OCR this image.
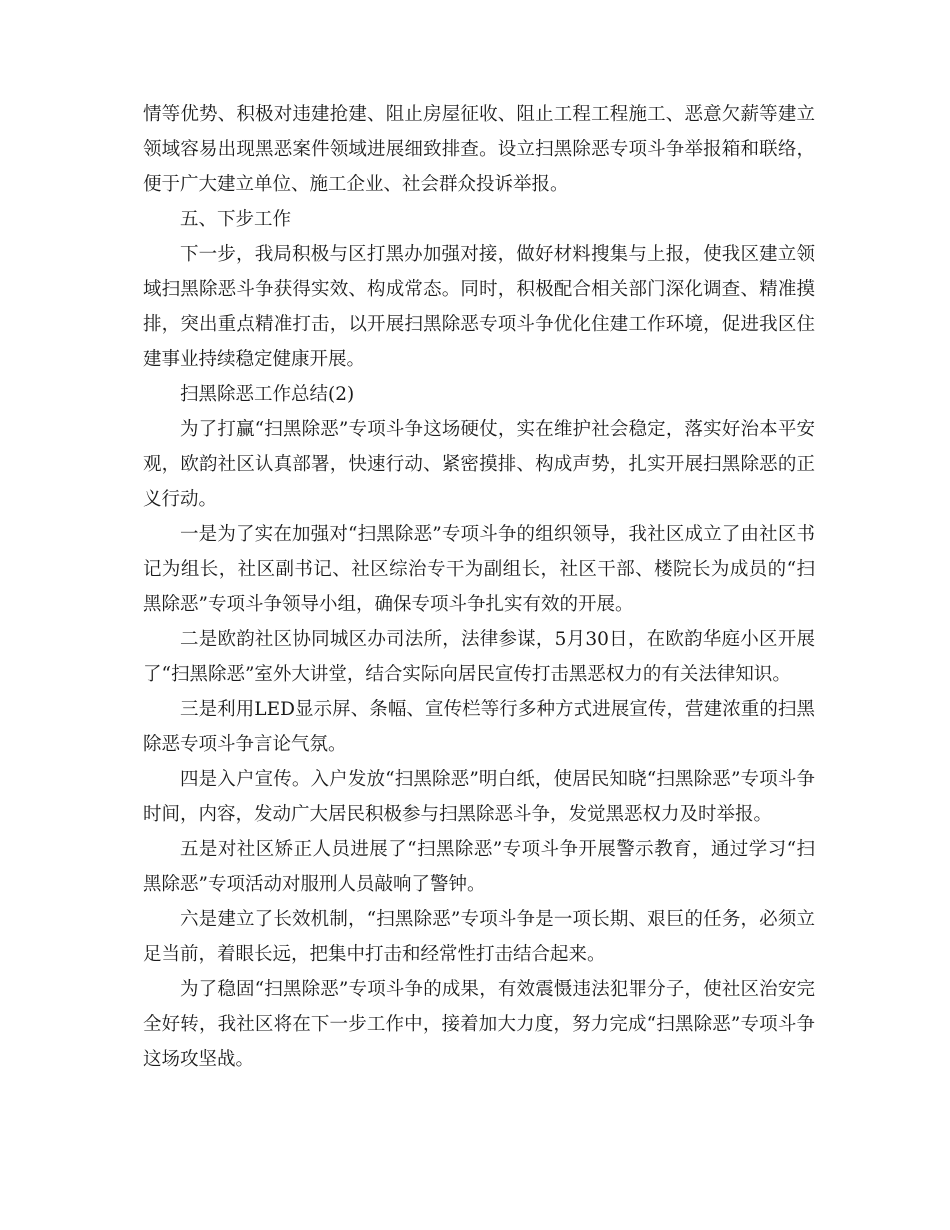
情等优势、积极对违建抢建、阻止房屋征收、阻止工程工程施工、恶意欠薪等建立领域容易出现黑恶案件领域进展细致排查。设立扫黑除恶专项斗争举报箱和联络，便于广大建立单位、施工企业、社会群众投诉举报。

五、下步工作

下一步，我局积极与区打黑办加强对接，做好材料搜集与上报，使我区建立领域扫黑除恶斗争获得实效、构成常态。同时，积极配合相关部门深化调查、精准摸排，突出重点精准打击，以开展扫黑除恶专项斗争优化住建工作环境，促进我区住建事业持续稳定健康开展。

扫黑除恶工作总结(2)

为了打赢“扫黑除恶”专项斗争这场硬仗，实在维护社会稳定，落实好治本平安观，欧韵社区认真部署，快速行动、紧密摸排、构成声势，扎实开展扫黑除恶的正义行动。

一是为了实在加强对“扫黑除恶”专项斗争的组织领导，我社区成立了由社区书记为组长，社区副书记、社区综治专干为副组长，社区干部、楼院长为成员的“扫黑除恶”专项斗争领导小组，确保专项斗争扎实有效的开展。

二是欧韵社区协同城区办司法所，法律参谋，5月30日，在欧韵华庭小区开展了“扫黑除恶”室外大讲堂，结合实际向居民宣传打击黑恶权力的有关法律知识。

三是利用LED显示屏、条幅、宣传栏等行多种方式进展宣传，营建浓重的扫黑除恶专项斗争言论气氛。

四是入户宣传。入户发放“扫黑除恶”明白纸，使居民知晓“扫黑除恶”专项斗争时间，内容，发动广大居民积极参与扫黑除恶斗争，发觉黑恶权力及时举报。

五是对社区矫正人员进展了“扫黑除恶”专项斗争开展警示教育，通过学习“扫黑除恶”专项活动对服刑人员敲响了警钟。

六是建立了长效机制，“扫黑除恶”专项斗争是一项长期、艰巨的任务，必须立足当前，着眼长远，把集中打击和经常性打击结合起来。

为了稳固“扫黑除恶”专项斗争的成果，有效震慑违法犯罪分子，使社区治安完全好转，我社区将在下一步工作中，接着加大力度，努力完成“扫黑除恶”专项斗争这场攻坚战。
